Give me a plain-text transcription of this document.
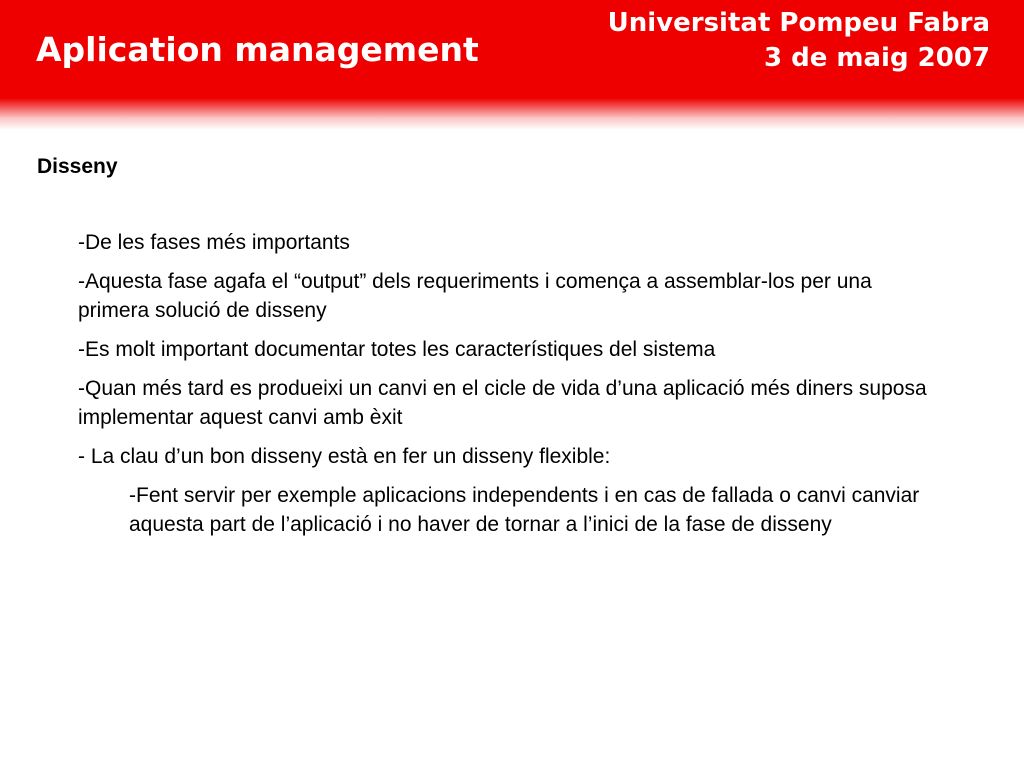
Aplication management
Universitat Pompeu Fabra
3 de maig 2007
Disseny

-De les fases més importants

-Aquesta fase agafa el “output” dels requeriments i comença a assemblar-los per una primera solució de disseny

-Es molt important documentar totes les característiques del sistema

-Quan més tard es produeixi un canvi en el cicle de vida d’una aplicació més diners suposa implementar aquest canvi amb èxit

- La clau d’un bon disseny està en fer un disseny flexible:

-Fent servir per exemple aplicacions independents i en cas de fallada o canvi canviar aquesta part de l’aplicació i no haver de tornar a l’inici de la fase de disseny
